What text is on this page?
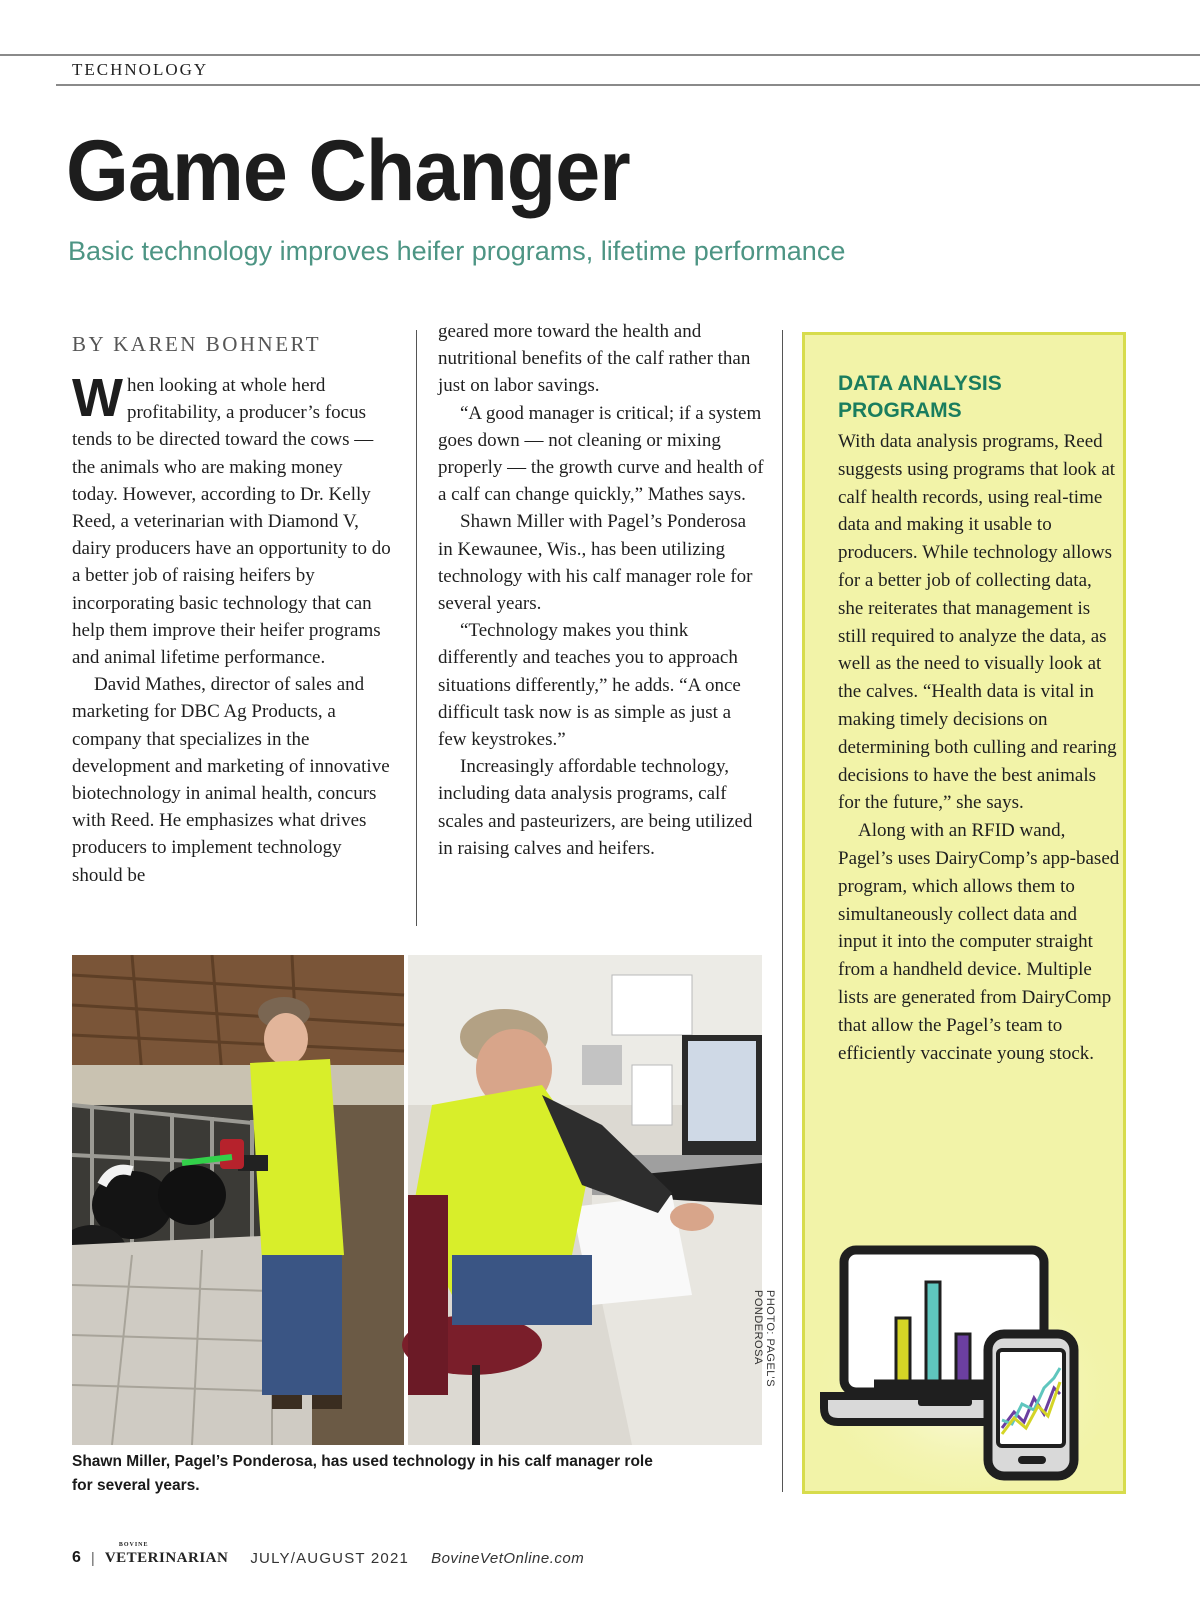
TECHNOLOGY
Game Changer
Basic technology improves heifer programs, lifetime performance
BY KAREN BOHNERT

When looking at whole herd profitability, a producer’s focus tends to be directed toward the cows — the animals who are making money today. However, according to Dr. Kelly Reed, a veterinarian with Diamond V, dairy producers have an opportunity to do a better job of raising heifers by incorporating basic technology that can help them improve their heifer programs and animal lifetime performance.

David Mathes, director of sales and marketing for DBC Ag Products, a company that specializes in the development and marketing of innovative biotechnology in animal health, concurs with Reed. He emphasizes what drives producers to implement technology should be

geared more toward the health and nutritional benefits of the calf rather than just on labor savings.

“A good manager is critical; if a system goes down — not cleaning or mixing properly — the growth curve and health of a calf can change quickly,” Mathes says.

Shawn Miller with Pagel’s Ponderosa in Kewaunee, Wis., has been utilizing technology with his calf manager role for several years.

“Technology makes you think differently and teaches you to approach situations differently,” he adds. “A once difficult task now is as simple as just a few keystrokes.”

Increasingly affordable technology, including data analysis programs, calf scales and pasteurizers, are being utilized in raising calves and heifers.

DATA ANALYSIS PROGRAMS

With data analysis programs, Reed suggests using programs that look at calf health records, using real-time data and making it usable to producers. While technology allows for a better job of collecting data, she reiterates that management is still required to analyze the data, as well as the need to visually look at the calves. “Health data is vital in making timely decisions on determining both culling and rearing decisions to have the best animals for the future,” she says.

Along with an RFID wand, Pagel’s uses DairyComp’s app-based program, which allows them to simultaneously collect data and input it into the computer straight from a handheld device. Multiple lists are generated from DairyComp that allow the Pagel’s team to efficiently vaccinate young stock.

PHOTO: PAGEL’S PONDEROSA
Shawn Miller, Pagel’s Ponderosa, has used technology in his calf manager role for several years.
6 |
BOVINE
VETERINARIAN JULY/AUGUST 2021 BovineVetOnline.com
